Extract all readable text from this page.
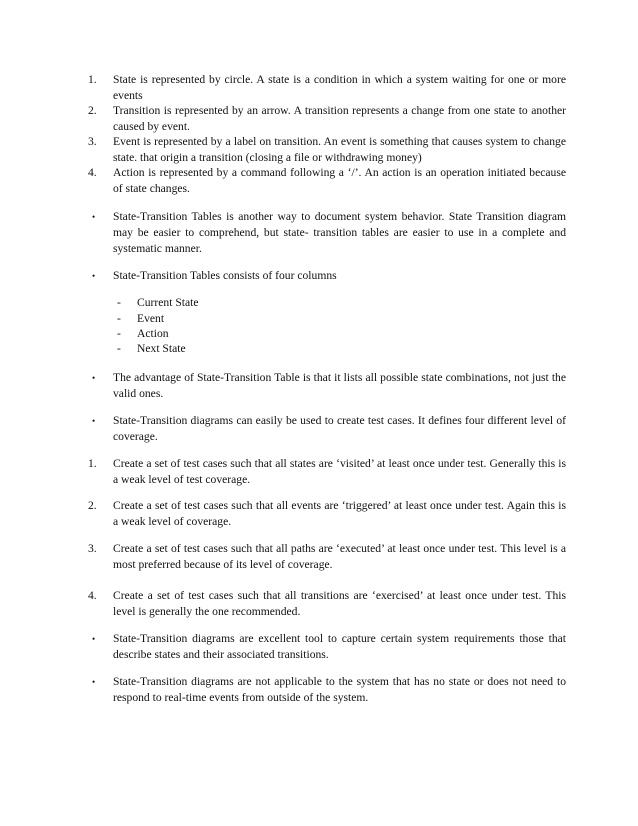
1.	State is represented by circle. A state is a condition in which a system waiting for one or more events
2.	Transition is represented by an arrow. A transition represents a change from one state to another caused by event.
3.	Event is represented by a label on transition. An event is something that causes system to change state. that origin a transition (closing a file or withdrawing money)
4.	Action is represented by a command following a ‘/’. An action is an operation initiated because of state changes.
•	State-Transition Tables is another way to document system behavior. State Transition diagram may be easier to comprehend, but state- transition tables are easier to use in a complete and systematic manner.
•	State-Transition Tables consists of four columns
- Current State
- Event
- Action
- Next State
•	The advantage of State-Transition Table is that it lists all possible state combinations, not just the valid ones.
•	State-Transition diagrams can easily be used to create test cases. It defines four different level of coverage.
1.	Create a set of test cases such that all states are ‘visited’ at least once under test. Generally this is a weak level of test coverage.
2.	Create a set of test cases such that all events are ‘triggered’ at least once under test. Again this is a weak level of coverage.
3.	Create a set of test cases such that all paths are ‘executed’ at least once under test. This level is a most preferred because of its level of coverage.
4.	Create a set of test cases such that all transitions are ‘exercised’ at least once under test. This level is generally the one recommended.
•	State-Transition diagrams are excellent tool to capture certain system requirements those that describe states and their associated transitions.
•	State-Transition diagrams are not applicable to the system that has no state or does not need to respond to real-time events from outside of the system.
